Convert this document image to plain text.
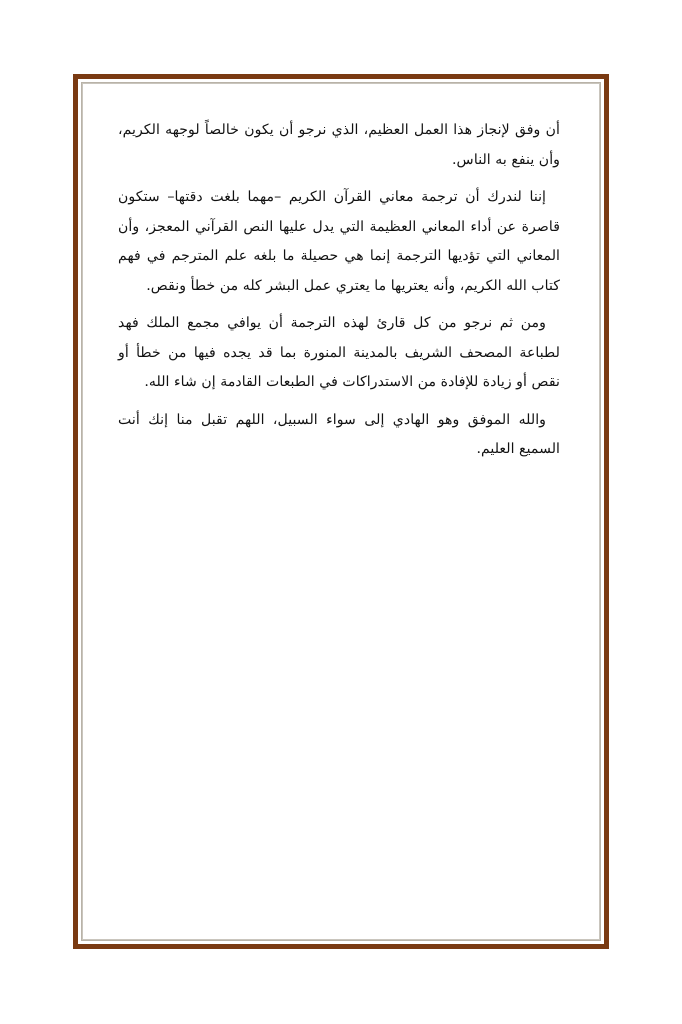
أن وفق لإنجاز هذا العمل العظيم، الذي نرجو أن يكون خالصاً لوجهه الكريم، وأن ينفع به الناس.

إننا لندرك أن ترجمة معاني القرآن الكريم –مهما بلغت دقتها– ستكون قاصرة عن أداء المعاني العظيمة التي يدل عليها النص القرآني المعجز، وأن المعاني التي تؤديها الترجمة إنما هي حصيلة ما بلغه علم المترجم في فهم كتاب الله الكريم، وأنه يعتريها ما يعتري عمل البشر كله من خطأ ونقص.

ومن ثم نرجو من كل قارئ لهذه الترجمة أن يوافي مجمع الملك فهد لطباعة المصحف الشريف بالمدينة المنورة بما قد يجده فيها من خطأ أو نقص أو زيادة للإفادة من الاستدراكات في الطبعات القادمة إن شاء الله.

والله الموفق وهو الهادي إلى سواء السبيل، اللهم تقبل منا إنك أنت السميع العليم.
